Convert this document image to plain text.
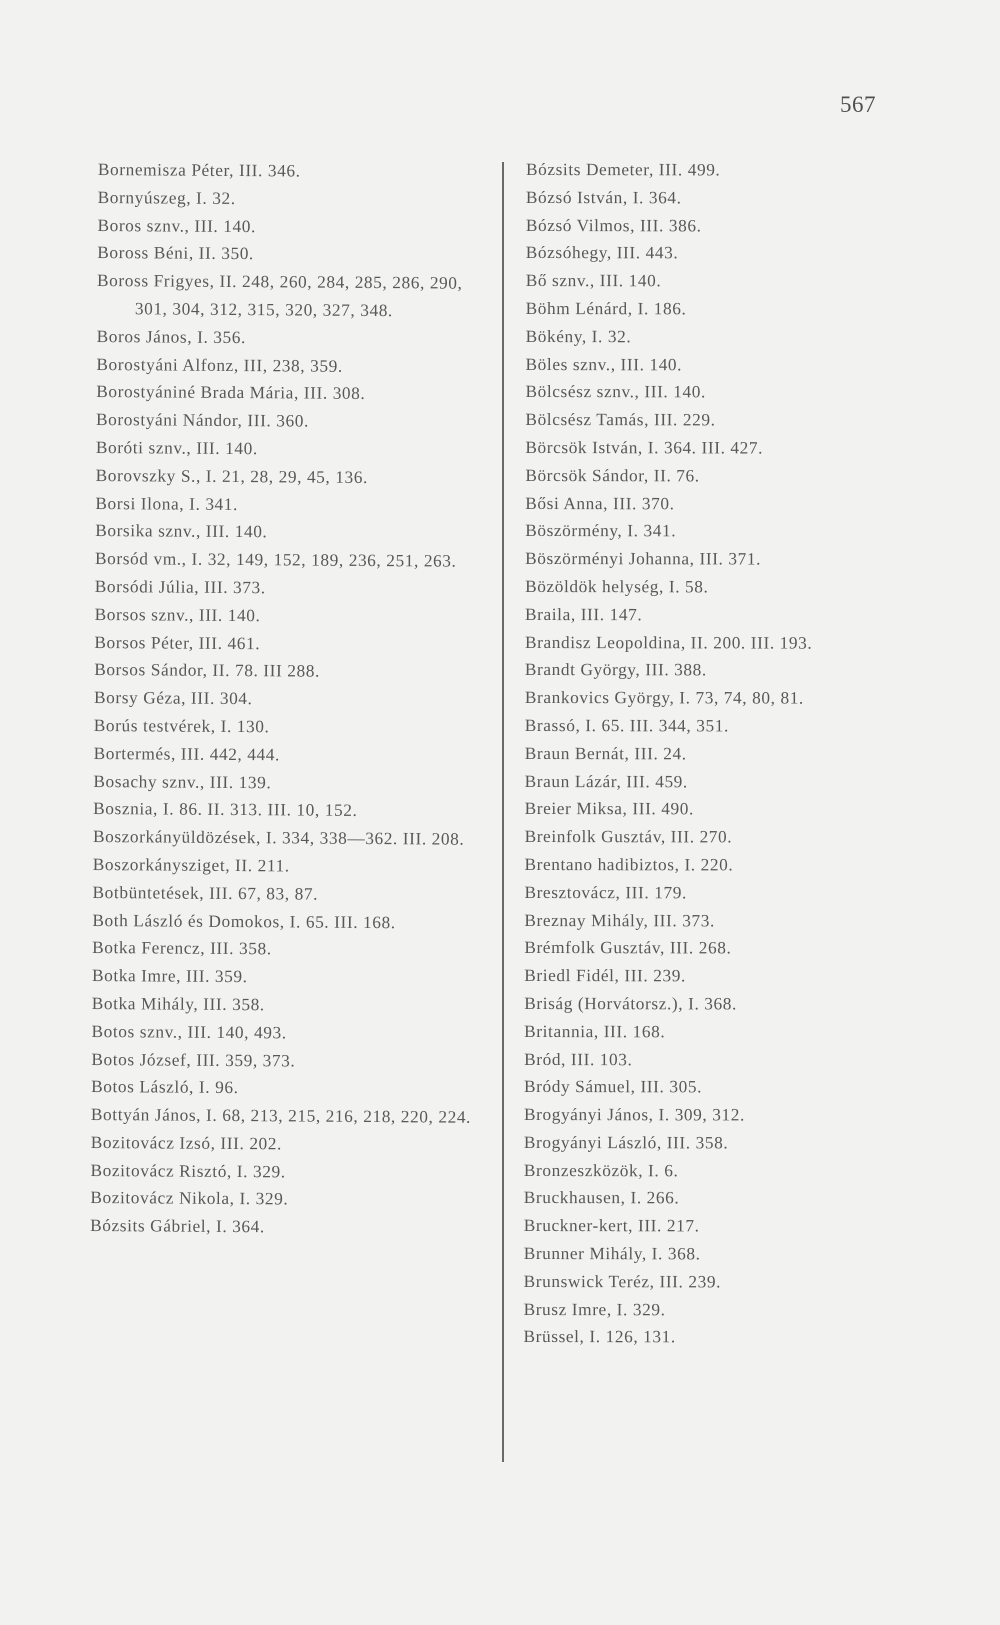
567
Bornemisza Péter, III. 346.
Bornyúszeg, I. 32.
Boros sznv., III. 140.
Boross Béni, II. 350.
Boross Frigyes, II. 248, 260, 284, 285, 286, 290, 301, 304, 312, 315, 320, 327, 348.
Boros János, I. 356.
Borostyáni Alfonz, III, 238, 359.
Borostyániné Brada Mária, III. 308.
Borostyáni Nándor, III. 360.
Boróti sznv., III. 140.
Borovszky S., I. 21, 28, 29, 45, 136.
Borsi Ilona, I. 341.
Borsika sznv., III. 140.
Borsód vm., I. 32, 149, 152, 189, 236, 251, 263.
Borsódi Júlia, III. 373.
Borsos sznv., III. 140.
Borsos Péter, III. 461.
Borsos Sándor, II. 78. III 288.
Borsy Géza, III. 304.
Borús testvérek, I. 130.
Bortermés, III. 442, 444.
Bosachy sznv., III. 139.
Bosznia, I. 86. II. 313. III. 10, 152.
Boszorkányüldözések, I. 334, 338—362. III. 208.
Boszorkánysziget, II. 211.
Botbüntetések, III. 67, 83, 87.
Both László és Domokos, I. 65. III. 168.
Botka Ferencz, III. 358.
Botka Imre, III. 359.
Botka Mihály, III. 358.
Botos sznv., III. 140, 493.
Botos József, III. 359, 373.
Botos László, I. 96.
Bottyán János, I. 68, 213, 215, 216, 218, 220, 224.
Bozitovácz Izsó, III. 202.
Bozitovácz Risztó, I. 329.
Bozitovácz Nikola, I. 329.
Bózsits Gábriel, I. 364.
Bózsits Demeter, III. 499.
Bózsó István, I. 364.
Bózsó Vilmos, III. 386.
Bózsóhegy, III. 443.
Bő sznv., III. 140.
Böhm Lénárd, I. 186.
Bökény, I. 32.
Böles sznv., III. 140.
Bölcsész sznv., III. 140.
Bölcsész Tamás, III. 229.
Börcsök István, I. 364. III. 427.
Börcsök Sándor, II. 76.
Bősi Anna, III. 370.
Böszörmény, I. 341.
Böszörményi Johanna, III. 371.
Bözöldök helység, I. 58.
Braila, III. 147.
Brandisz Leopoldina, II. 200. III. 193.
Brandt György, III. 388.
Brankovics György, I. 73, 74, 80, 81.
Brassó, I. 65. III. 344, 351.
Braun Bernát, III. 24.
Braun Lázár, III. 459.
Breier Miksa, III. 490.
Breinfolk Gusztáv, III. 270.
Brentano hadibiztos, I. 220.
Bresztovácz, III. 179.
Breznay Mihály, III. 373.
Brémfolk Gusztáv, III. 268.
Briedl Fidél, III. 239.
Briság (Horvátorsz.), I. 368.
Britannia, III. 168.
Bród, III. 103.
Bródy Sámuel, III. 305.
Brogyányi János, I. 309, 312.
Brogyányi László, III. 358.
Bronzeszközök, I. 6.
Bruckhausen, I. 266.
Bruckner-kert, III. 217.
Brunner Mihály, I. 368.
Brunswick Teréz, III. 239.
Brusz Imre, I. 329.
Brüssel, I. 126, 131.
